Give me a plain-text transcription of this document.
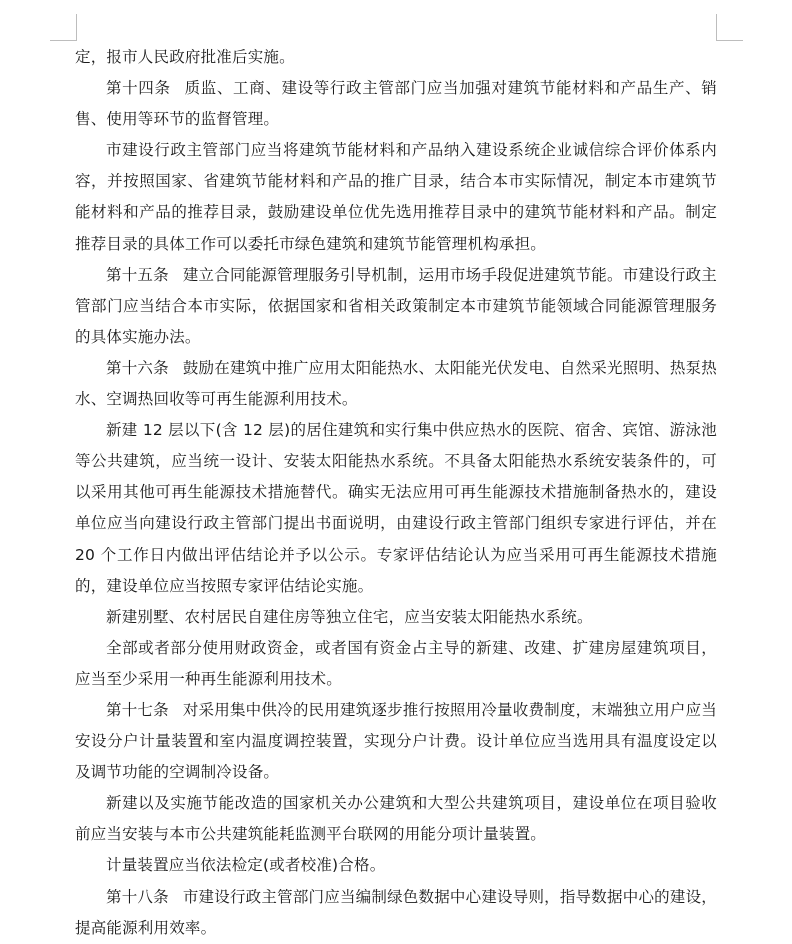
定，报市人民政府批准后实施。

第十四条 质监、工商、建设等行政主管部门应当加强对建筑节能材料和产品生产、销售、使用等环节的监督管理。

市建设行政主管部门应当将建筑节能材料和产品纳入建设系统企业诚信综合评价体系内容，并按照国家、省建筑节能材料和产品的推广目录，结合本市实际情况，制定本市建筑节能材料和产品的推荐目录，鼓励建设单位优先选用推荐目录中的建筑节能材料和产品。制定推荐目录的具体工作可以委托市绿色建筑和建筑节能管理机构承担。

第十五条 建立合同能源管理服务引导机制，运用市场手段促进建筑节能。市建设行政主管部门应当结合本市实际，依据国家和省相关政策制定本市建筑节能领域合同能源管理服务的具体实施办法。

第十六条 鼓励在建筑中推广应用太阳能热水、太阳能光伏发电、自然采光照明、热泵热水、空调热回收等可再生能源利用技术。

新建 12 层以下(含 12 层)的居住建筑和实行集中供应热水的医院、宿舍、宾馆、游泳池等公共建筑，应当统一设计、安装太阳能热水系统。不具备太阳能热水系统安装条件的，可以采用其他可再生能源技术措施替代。确实无法应用可再生能源技术措施制备热水的，建设单位应当向建设行政主管部门提出书面说明，由建设行政主管部门组织专家进行评估，并在 20 个工作日内做出评估结论并予以公示。专家评估结论认为应当采用可再生能源技术措施的，建设单位应当按照专家评估结论实施。

新建别墅、农村居民自建住房等独立住宅，应当安装太阳能热水系统。

全部或者部分使用财政资金，或者国有资金占主导的新建、改建、扩建房屋建筑项目，应当至少采用一种再生能源利用技术。

第十七条 对采用集中供冷的民用建筑逐步推行按照用冷量收费制度，末端独立用户应当安设分户计量装置和室内温度调控装置，实现分户计费。设计单位应当选用具有温度设定以及调节功能的空调制冷设备。

新建以及实施节能改造的国家机关办公建筑和大型公共建筑项目，建设单位在项目验收前应当安装与本市公共建筑能耗监测平台联网的用能分项计量装置。

计量装置应当依法检定(或者校准)合格。

第十八条 市建设行政主管部门应当编制绿色数据中心建设导则，指导数据中心的建设，提高能源利用效率。
